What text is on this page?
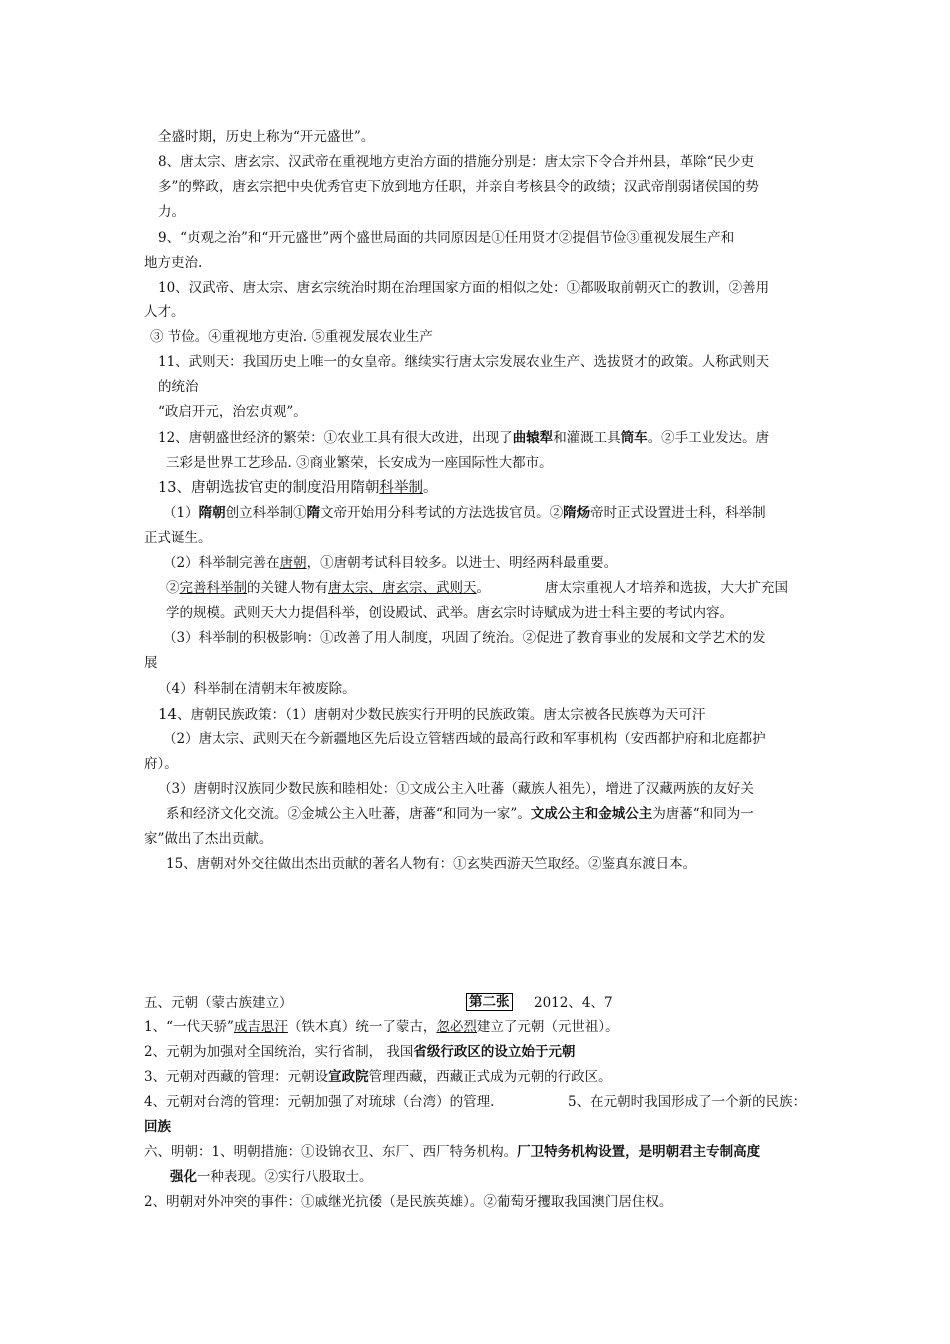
全盛时期，历史上称为“开元盛世”。
8、唐太宗、唐玄宗、汉武帝在重视地方吏治方面的措施分别是：唐太宗下令合并州县，革除“民少吏
多”的弊政，唐玄宗把中央优秀官吏下放到地方任职，并亲自考核县令的政绩；汉武帝削弱诸侯国的势
力。
9、“贞观之治”和“开元盛世”两个盛世局面的共同原因是①任用贤才②提倡节俭③重视发展生产和
地方吏治.
10、汉武帝、唐太宗、唐玄宗统治时期在治理国家方面的相似之处：①都吸取前朝灭亡的教训，②善用
人才。
③ 节俭。④重视地方吏治. ⑤重视发展农业生产
11、武则天：我国历史上唯一的女皇帝。继续实行唐太宗发展农业生产、选拔贤才的政策。人称武则天
的统治
“政启开元，治宏贞观”。
12、唐朝盛世经济的繁荣：①农业工具有很大改进，出现了曲辕犁和灌溉工具筒车。②手工业发达。唐
三彩是世界工艺珍品. ③商业繁荣，长安成为一座国际性大都市。
13、唐朝选拔官吏的制度沿用隋朝科举制。
（1）隋朝创立科举制①隋文帝开始用分科考试的方法选拔官员。②隋炀帝时正式设置进士科，科举制
正式诞生。
（2）科举制完善在唐朝，①唐朝考试科目较多。以进士、明经两科最重要。
②完善科举制的关键人物有唐太宗、唐玄宗、武则天。	唐太宗重视人才培养和选拔，大大扩充国
学的规模。武则天大力提倡科举，创设殿试、武举。唐玄宗时诗赋成为进士科主要的考试内容。
（3）科举制的积极影响：①改善了用人制度，巩固了统治。②促进了教育事业的发展和文学艺术的发
展
（4）科举制在清朝末年被废除。
14、唐朝民族政策：（1）唐朝对少数民族实行开明的民族政策。唐太宗被各民族尊为天可汗
（2）唐太宗、武则天在今新疆地区先后设立管辖西域的最高行政和军事机构（安西都护府和北庭都护
府）。
（3）唐朝时汉族同少数民族和睦相处：①文成公主入吐蕃（藏族人祖先），增进了汉藏两族的友好关
系和经济文化交流。②金城公主入吐蕃，唐蕃“和同为一家”。文成公主和金城公主为唐蕃“和同为一
家”做出了杰出贡献。
15、唐朝对外交往做出杰出贡献的著名人物有：①玄奘西游天竺取经。②鉴真东渡日本。
五、元朝（蒙古族建立）	第二张 2012、4、7
1、“一代天骄”成吉思汗（铁木真）统一了蒙古，忽必烈建立了元朝（元世祖）。
2、元朝为加强对全国统治，实行省制， 我国省级行政区的设立始于元朝
3、元朝对西藏的管理：元朝设宣政院管理西藏，西藏正式成为元朝的行政区。
4、元朝对台湾的管理：元朝加强了对琉球（台湾）的管理.	5、在元朝时我国形成了一个新的民族：
回族
六、明朝：1、明朝措施：①设锦衣卫、东厂、西厂特务机构。厂卫特务机构设置，是明朝君主专制高度
强化一种表现。②实行八股取士。
2、明朝对外冲突的事件：①戚继光抗倭（是民族英雄）。②葡萄牙攫取我国澳门居住权。
